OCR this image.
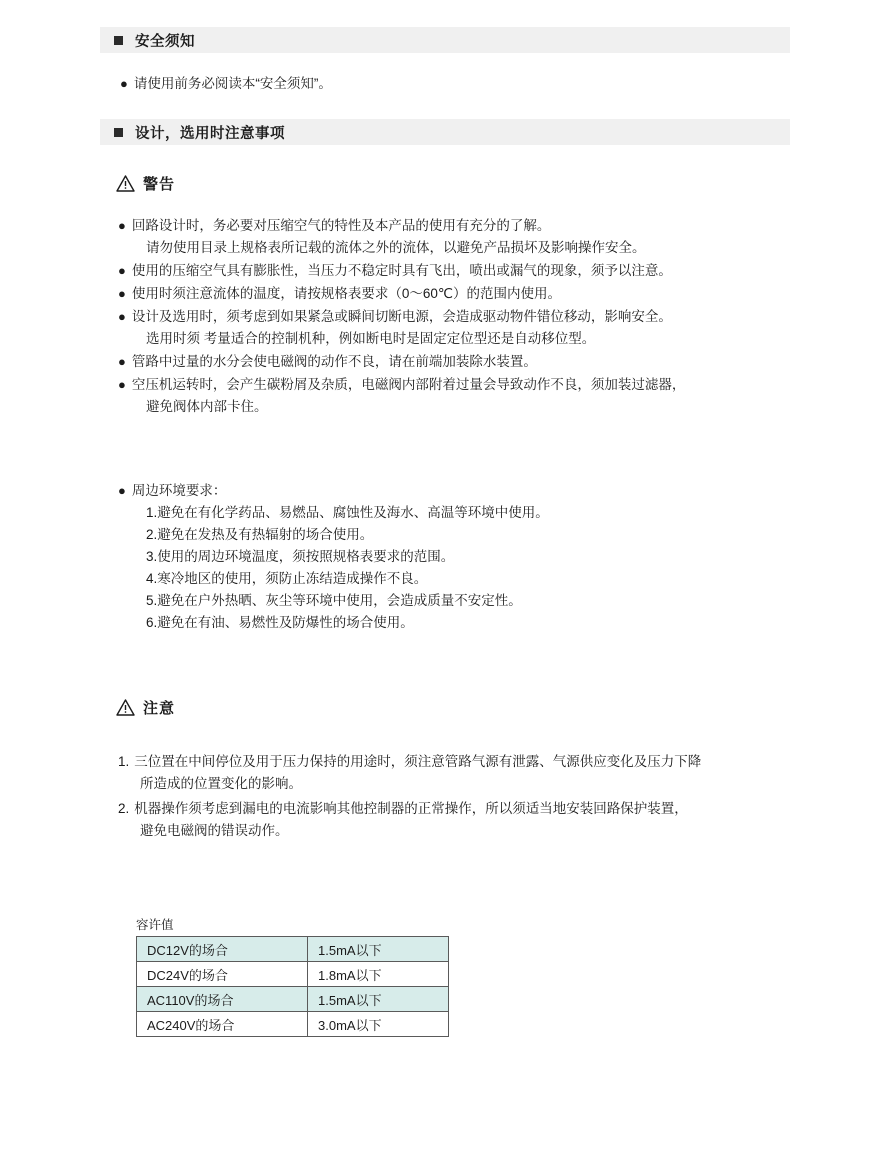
安全须知
● 请使用前务必阅读本“安全须知”。
设计，选用时注意事项
警告
● 回路设计时，务必要对压缩空气的特性及本产品的使用有充分的了解。
请勿使用目录上规格表所记载的流体之外的流体，以避免产品损坏及影响操作安全。
● 使用的压缩空气具有膨胀性，当压力不稳定时具有飞出，喷出或漏气的现象，须予以注意。
● 使用时须注意流体的温度，请按规格表要求（0～60℃）的范围内使用。
● 设计及选用时，须考虑到如果紧急或瞬间切断电源，会造成驱动物件错位移动，影响安全。
选用时须 考量适合的控制机种，例如断电时是固定定位型还是自动移位型。
● 管路中过量的水分会使电磁阀的动作不良，请在前端加装除水装置。
● 空压机运转时，会产生碳粉屑及杂质，电磁阀内部附着过量会导致动作不良，须加装过滤器，
避免阀体内部卡住。
● 周边环境要求：
1.避免在有化学药品、易燃品、腐蚀性及海水、高温等环境中使用。
2.避免在发热及有热辐射的场合使用。
3.使用的周边环境温度，须按照规格表要求的范围。
4.寒冷地区的使用，须防止冻结造成操作不良。
5.避免在户外热晒、灰尘等环境中使用，会造成质量不安定性。
6.避免在有油、易燃性及防爆性的场合使用。
注意
1. 三位置在中间停位及用于压力保持的用途时，须注意管路气源有泄露、气源供应变化及压力下降
所造成的位置变化的影响。
2. 机器操作须考虑到漏电的电流影响其他控制器的正常操作，所以须适当地安装回路保护装置，
避免电磁阀的错误动作。
容许值
DC12V的场合	1.5mA以下
DC24V的场合	1.8mA以下
AC110V的场合	1.5mA以下
AC240V的场合	3.0mA以下
